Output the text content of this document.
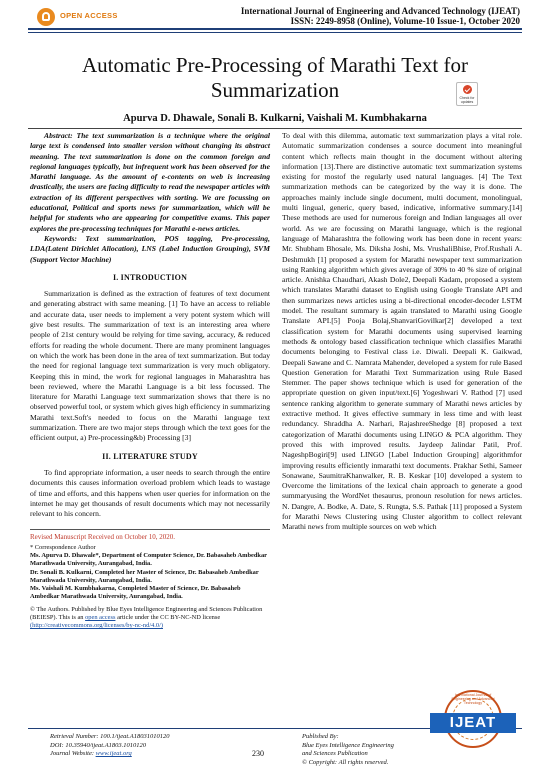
OPEN ACCESS	International Journal of Engineering and Advanced Technology (IJEAT)
ISSN: 2249-8958 (Online), Volume-10 Issue-1, October 2020
Automatic Pre-Processing of Marathi Text for Summarization	Check for updates
Apurva D. Dhawale, Sonali B. Kulkarni, Vaishali M. Kumbhakarna

Abstract: The text summarization is a technique where the original large text is condensed into smaller version without changing its abstract meaning. The text summarization is done on the common foreign and regional languages typically, but infrequent work has been observed for the Marathi language. As the amount of e-contents on web is increasing drastically, the users are facing difficulty to read the newspaper articles with extraction of its different perspectives with sorting. We are focussing on educational, Political and sports news for summarization, which will be helpful for students who are appearing for competitive exams. This paper explores the pre-processing techniques for Marathi e-news articles.

Keywords: Text summarization, POS tagging, Pre-processing, LDA(Latent Dirichlet Allocation), LNS (Label Induction Grouping), SVM (Support Vector Machine)

I. INTRODUCTION

Summarization is defined as the extraction of features of text document and generating abstract with same meaning. [1] To have an access to reliable and accurate data, user needs to implement a very potent system which will give best results. The summarization of text is an interesting area where people of 21st century would be relying for time saving, accuracy, & reduced efforts for reading the whole document. There are many prominent languages on which the work has been done in the area of text summarization. But today the need for regional language text summarization is very much obligatory. Keeping this in mind, the work for regional languages in Maharashtra has been reviewed, where the Marathi Language is a bit less focussed. The literature for Marathi Language text summarization shows that there is no observed powerful tool, or system which gives high efficiency in summarizing Marathi text.Soft's needed to focus on the Marathi language text summarization. There are two major steps through which the text goes for the efficient output, a) Pre-processing&b) Processing [3]

II. LITERATURE STUDY

To find appropriate information, a user needs to search through the entire documents this causes information overload problem which leads to wastage of time and efforts, and this happens when user queries for information on the internet he may get thousands of result documents which may not necessarily relevant to his concern.

Revised Manuscript Received on October 10, 2020.
* Correspondence Author
Ms. Apurva D. Dhawale*, Department of Computer Science, Dr. Babasaheb Ambedkar Marathwada University, Aurangabad, India.
Dr. Sonali B. Kulkarni, Completed her Master of Science, Dr. Babasaheb Ambedkar Marathwada University, Aurangabad, India.
Ms. Vaishali M. Kumbhakarna, Completed Master of Science, Dr. Babasaheb Ambedkar Marathwada University, Aurangabad, India.
© The Authors. Published by Blue Eyes Intelligence Engineering and Sciences Publication (BEIESP). This is an open access article under the CC BY-NC-ND license (http://creativecommons.org/licenses/by-nc-nd/4.0/)

To deal with this dilemma, automatic text summarization plays a vital role. Automatic summarization condenses a source document into meaningful content which reflects main thought in the document without altering information [13].There are distinctive automatic text summarization systems existing for mostof the regularly used natural languages. [4] The Text summarization methods can be categorized by the way it is done. The approaches mainly include single document, multi document, monolingual, multi lingual, generic, query based, indicative, informative summary.[14] These methods are used for numerous foreign and Indian languages all over world. As we are focussing on Marathi language, which is the regional language of Maharashtra the following work has been done in recent years: Mr. Shubham Bhosale, Ms. Diksha Joshi, Ms. VrushaliBhise, Prof.Rushali A. Deshmukh [1] proposed a system for Marathi newspaper text summarization using Ranking algorithm which gives average of 30% to 40 % size of original article. Anishka Chaudhari, Akash Dole2, Deepali Kadam, proposed a system which translates Marathi dataset to English using Google Translate API and then summarizes news articles using a bi-directional encoder-decoder LSTM model. The resultant summary is again translated to Marathi using Google Translate API.[5] Pooja Bolaj,ShanvariGovilkar[2] developed a text classification system for Marathi documents using supervised learning methods & ontology based classification technique which classifies Marathi documents belonging to Festival class i.e. Diwali. Deepali K. Gaikwad, Deepali Sawane and C. Namrata Mahender, developed a system for rule Based Question Generation for Marathi Text Summarization using Rule Based Stemmer. The paper shows technique which is used for generation of the appropriate question on given input/text.[6] Yogeshwari V. Rathod [7] used sentence ranking algorithm to generate summary of Marathi news articles by extractive method. It gives effective summary in less time and with least redundancy. Shraddha A. Narhari, RajashreeShedge [8] proposed a text categorization of Marathi documents using LINGO & PCA algorithm. They proved this with improved results. Jaydeep Jalindar Patil, Prof. NageshpBogiri[9] used LINGO [Label Induction Grouping] algorithmfor improving results efficiently inmarathi text documents. Prakhar Sethi, Sameer Sonawane, SaumitraKhanwalker, R. B. Keskar [10] developed a system to Overcome the limitations of the lexical chain approach to generate a good summaryusing the WordNet thesaurus, pronoun resolution for news articles. N. Dangre, A. Bodke, A. Date, S. Rungta, S.S. Pathak [11] proposed a System for Marathi News Clustering using Cluster algorithm to collect relevant Marathi news from multiple sources on web which

Retrieval Number: 100.1/ijeat.A18031010120
DOI: 10.35940/ijeat.A1803.1010120
Journal Website: www.ijeat.org	230
Published By:
Blue Eyes Intelligence Engineering
and Sciences Publication
© Copyright: All rights reserved.
International Journal of Engineering and Advanced Technology
IJEAT
